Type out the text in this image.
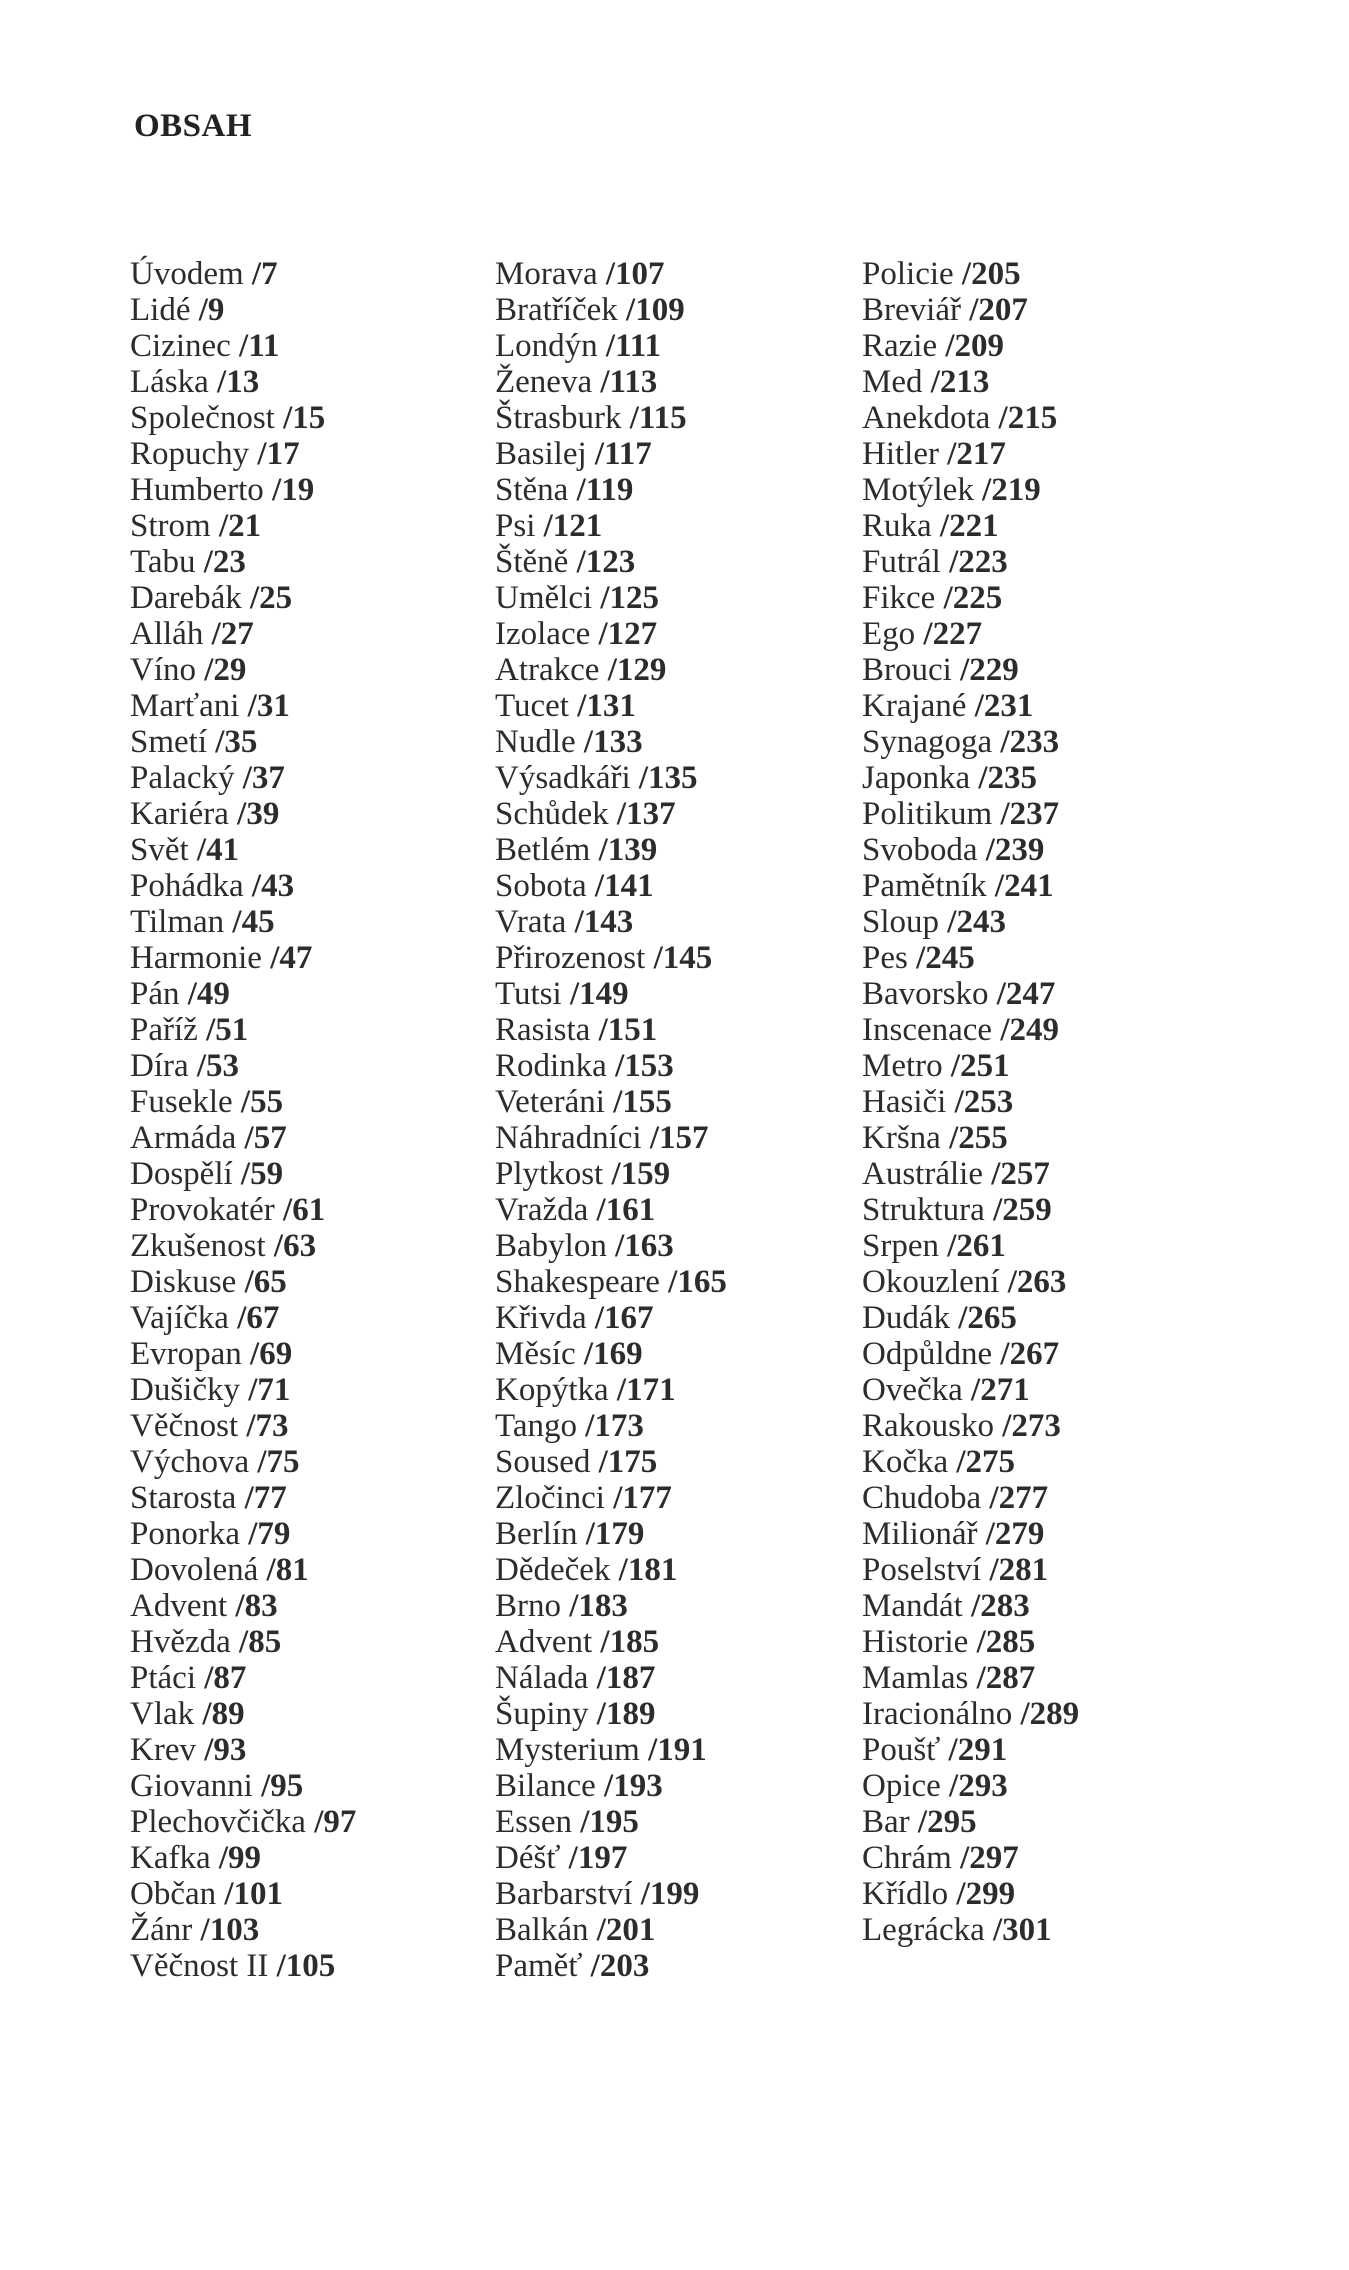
OBSAH
Úvodem /7
Lidé /9
Cizinec /11
Láska /13
Společnost /15
Ropuchy /17
Humberto /19
Strom /21
Tabu /23
Darebák /25
Alláh /27
Víno /29
Marťani /31
Smetí /35
Palacký /37
Kariéra /39
Svět /41
Pohádka /43
Tilman /45
Harmonie /47
Pán /49
Paříž /51
Díra /53
Fusekle /55
Armáda /57
Dospělí /59
Provokatér /61
Zkušenost /63
Diskuse /65
Vajíčka /67
Evropan /69
Dušičky /71
Věčnost /73
Výchova /75
Starosta /77
Ponorka /79
Dovolená /81
Advent /83
Hvězda /85
Ptáci /87
Vlak /89
Krev /93
Giovanni /95
Plechovčička /97
Kafka /99
Občan /101
Žánr /103
Věčnost II /105
Morava /107
Bratříček /109
Londýn /111
Ženeva /113
Štrasburk /115
Basilej /117
Stěna /119
Psi /121
Štěně /123
Umělci /125
Izolace /127
Atrakce /129
Tucet /131
Nudle /133
Výsadkáři /135
Schůdek /137
Betlém /139
Sobota /141
Vrata /143
Přirozenost /145
Tutsi /149
Rasista /151
Rodinka /153
Veteráni /155
Náhradníci /157
Plytkost /159
Vražda /161
Babylon /163
Shakespeare /165
Křivda /167
Měsíc /169
Kopýtka /171
Tango /173
Soused /175
Zločinci /177
Berlín /179
Dědeček /181
Brno /183
Advent /185
Nálada /187
Šupiny /189
Mysterium /191
Bilance /193
Essen /195
Déšť /197
Barbarství /199
Balkán /201
Paměť /203
Policie /205
Breviář /207
Razie /209
Med /213
Anekdota /215
Hitler /217
Motýlek /219
Ruka /221
Futrál /223
Fikce /225
Ego /227
Brouci /229
Krajané /231
Synagoga /233
Japonka /235
Politikum /237
Svoboda /239
Pamětník /241
Sloup /243
Pes /245
Bavorsko /247
Inscenace /249
Metro /251
Hasiči /253
Kršna /255
Austrálie /257
Struktura /259
Srpen /261
Okouzlení /263
Dudák /265
Odpůldne /267
Ovečka /271
Rakousko /273
Kočka /275
Chudoba /277
Milionář /279
Poselství /281
Mandát /283
Historie /285
Mamlas /287
Iracionálno /289
Poušť /291
Opice /293
Bar /295
Chrám /297
Křídlo /299
Legrácka /301
